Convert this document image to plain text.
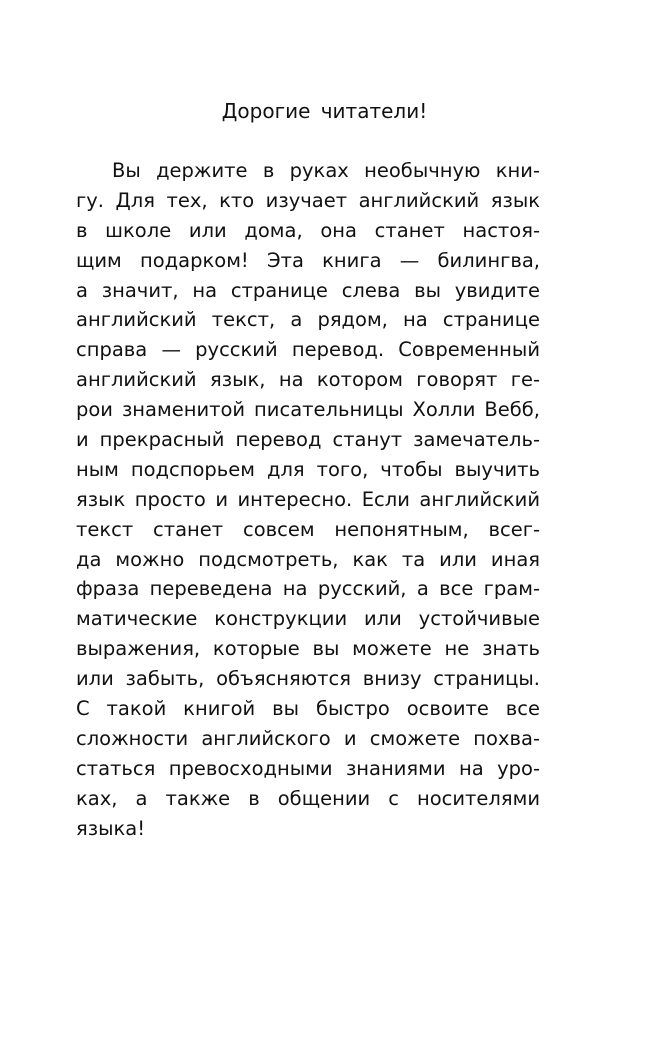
Дорогие читатели!
Вы держите в руках необычную кни-
гу. Для тех, кто изучает английский язык
в школе или дома, она станет настоя-
щим подарком! Эта книга — билингва,
а значит, на странице слева вы увидите
английский текст, а рядом, на странице
справа — русский перевод. Современный
английский язык, на котором говорят ге-
рои знаменитой писательницы Холли Вебб,
и прекрасный перевод станут замечатель-
ным подспорьем для того, чтобы выучить
язык просто и интересно. Если английский
текст станет совсем непонятным, всег-
да можно подсмотреть, как та или иная
фраза переведена на русский, а все грам-
матические конструкции или устойчивые
выражения, которые вы можете не знать
или забыть, объясняются внизу страницы.
С такой книгой вы быстро освоите все
сложности английского и сможете похва-
статься превосходными знаниями на уро-
ках, а также в общении с носителями
языка!
